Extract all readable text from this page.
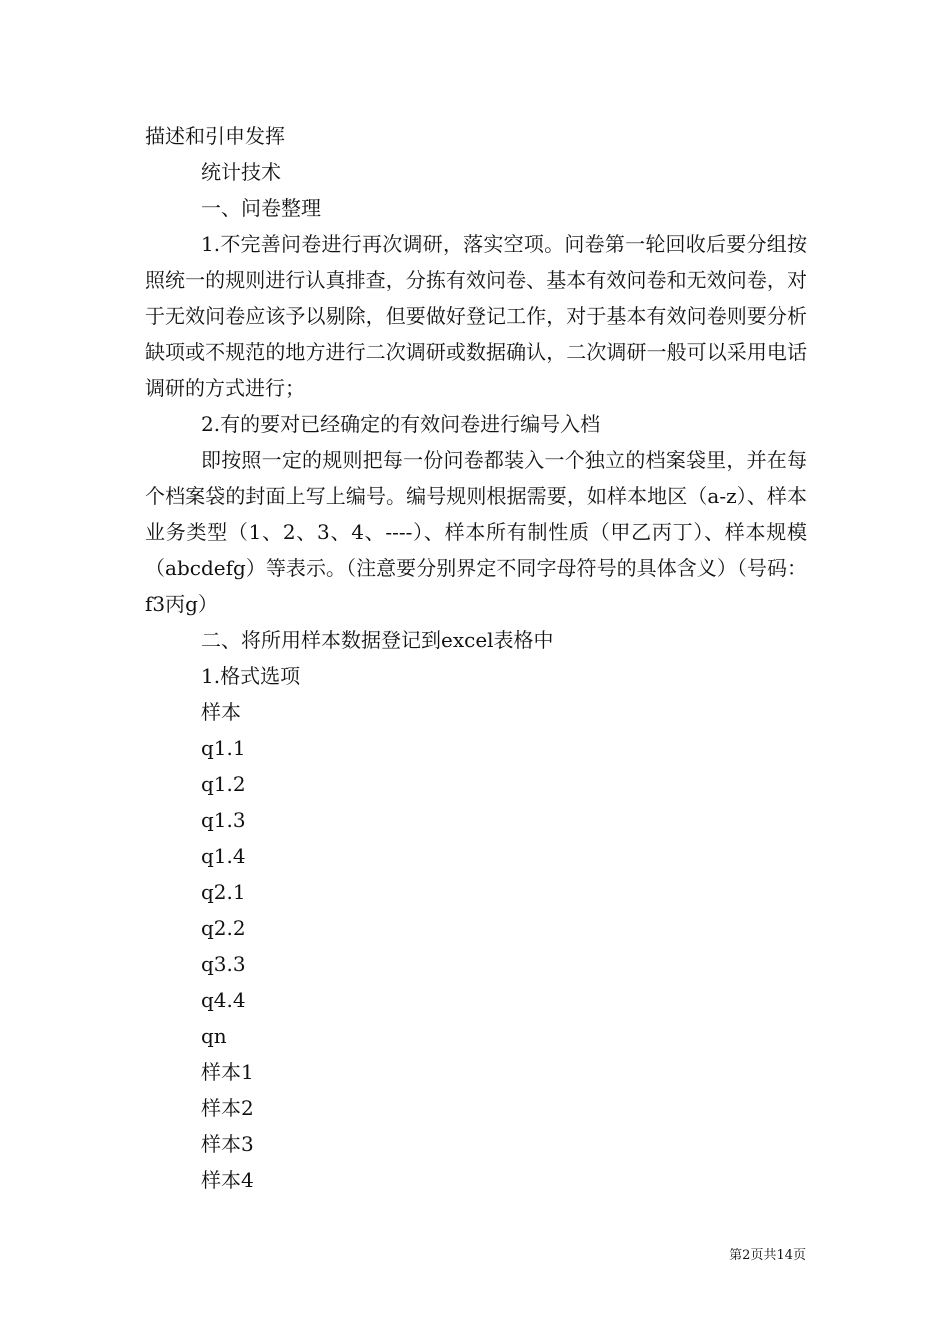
描述和引申发挥

统计技术

一、问卷整理

1.不完善问卷进行再次调研，落实空项。问卷第一轮回收后要分组按照统一的规则进行认真排查，分拣有效问卷、基本有效问卷和无效问卷，对于无效问卷应该予以剔除，但要做好登记工作，对于基本有效问卷则要分析缺项或不规范的地方进行二次调研或数据确认，二次调研一般可以采用电话调研的方式进行；

2.有的要对已经确定的有效问卷进行编号入档

即按照一定的规则把每一份问卷都装入一个独立的档案袋里，并在每个档案袋的封面上写上编号。编号规则根据需要，如样本地区（a-z）、样本业务类型（1、2、3、4、----）、样本所有制性质（甲乙丙丁）、样本规模（abcdefg）等表示。（注意要分别界定不同字母符号的具体含义）（号码：f3丙g）

二、将所用样本数据登记到excel表格中

1.格式选项

样本

q1.1

q1.2

q1.3

q1.4

q2.1

q2.2

q3.3

q4.4

qn

样本1

样本2

样本3

样本4

第2页共14页
